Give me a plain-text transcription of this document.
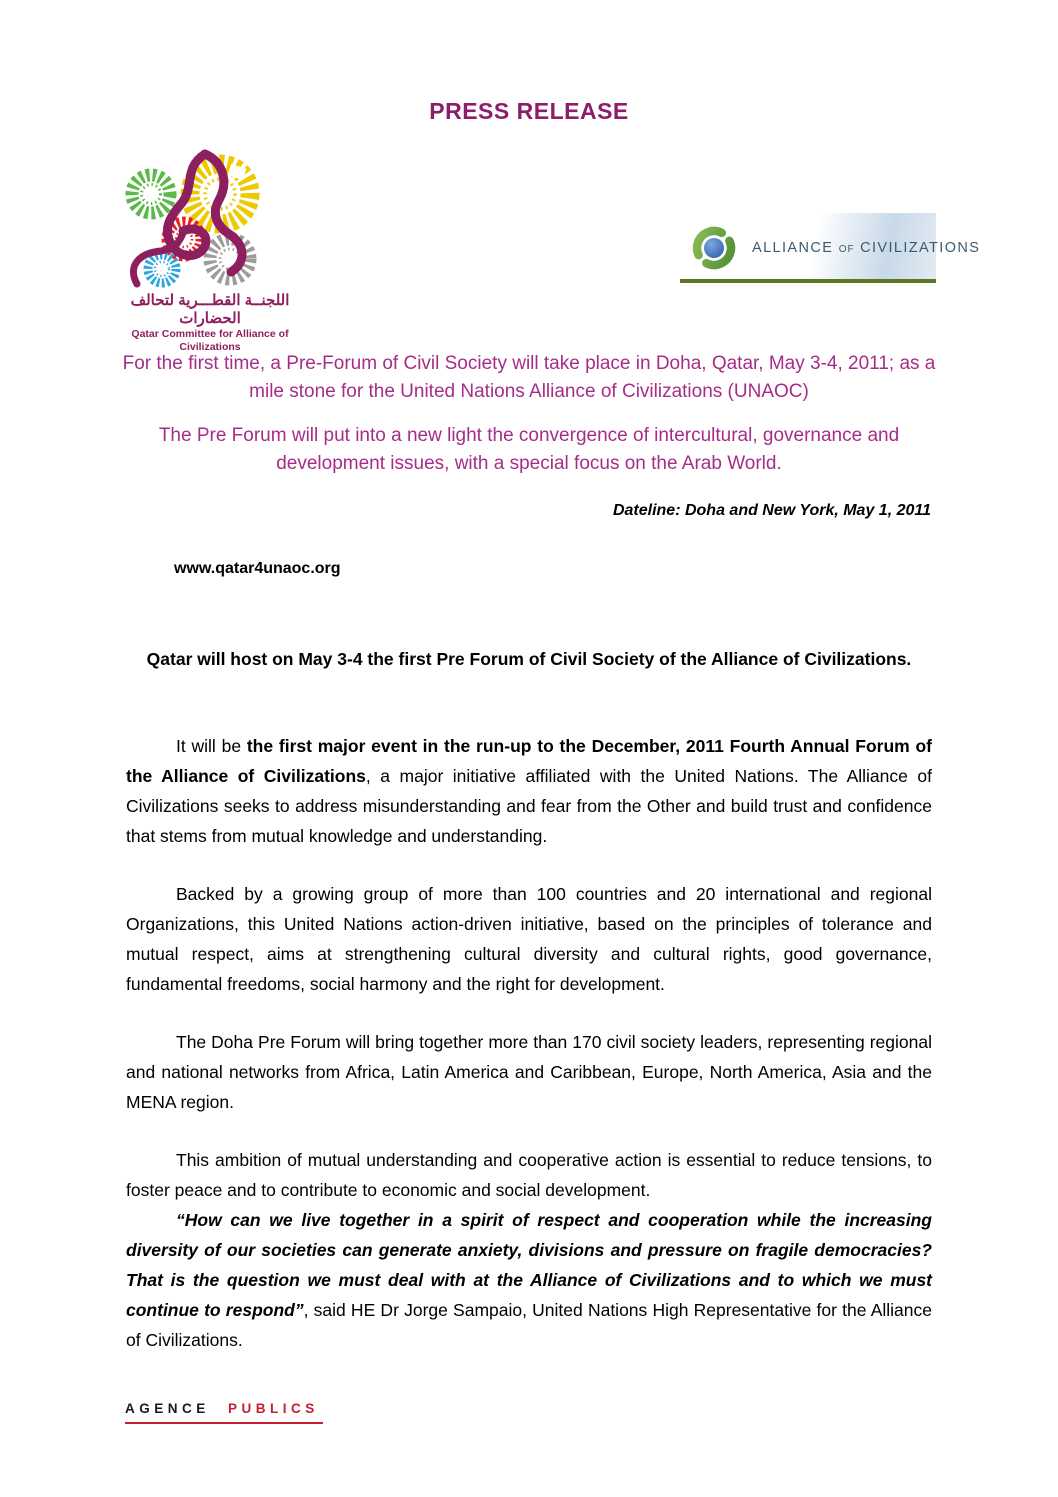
PRESS RELEASE
اللجنــة القطـــرية لتحالف الحضارات
Qatar Committee for Alliance of Civilizations
ALLIANCE OF CIVILIZATIONS
For the first time, a Pre-Forum of Civil Society will take place in Doha, Qatar, May 3-4, 2011; as a mile stone for the United Nations Alliance of Civilizations (UNAOC)
The Pre Forum will put into a new light the convergence of intercultural, governance and development issues, with a special focus on the Arab World.
Dateline: Doha and New York, May 1, 2011
www.qatar4unaoc.org
Qatar will host on May 3-4 the first Pre Forum of Civil Society of the Alliance of Civilizations.

It will be the first major event in the run-up to the December, 2011 Fourth Annual Forum of the Alliance of Civilizations, a major initiative affiliated with the United Nations. The Alliance of Civilizations seeks to address misunderstanding and fear from the Other and build trust and confidence that stems from mutual knowledge and understanding.

Backed by a growing group of more than 100 countries and 20 international and regional Organizations, this United Nations action-driven initiative, based on the principles of tolerance and mutual respect, aims at strengthening cultural diversity and cultural rights, good governance, fundamental freedoms, social harmony and the right for development.

The Doha Pre Forum will bring together more than 170 civil society leaders, representing regional and national networks from Africa, Latin America and Caribbean, Europe, North America, Asia and the MENA region.

This ambition of mutual understanding and cooperative action is essential to reduce tensions, to foster peace and to contribute to economic and social development.

“How can we live together in a spirit of respect and cooperation while the increasing diversity of our societies can generate anxiety, divisions and pressure on fragile democracies? That is the question we must deal with at the Alliance of Civilizations and to which we must continue to respond”, said HE Dr Jorge Sampaio, United Nations High Representative for the Alliance of Civilizations.

AGENCE PUBLICS
